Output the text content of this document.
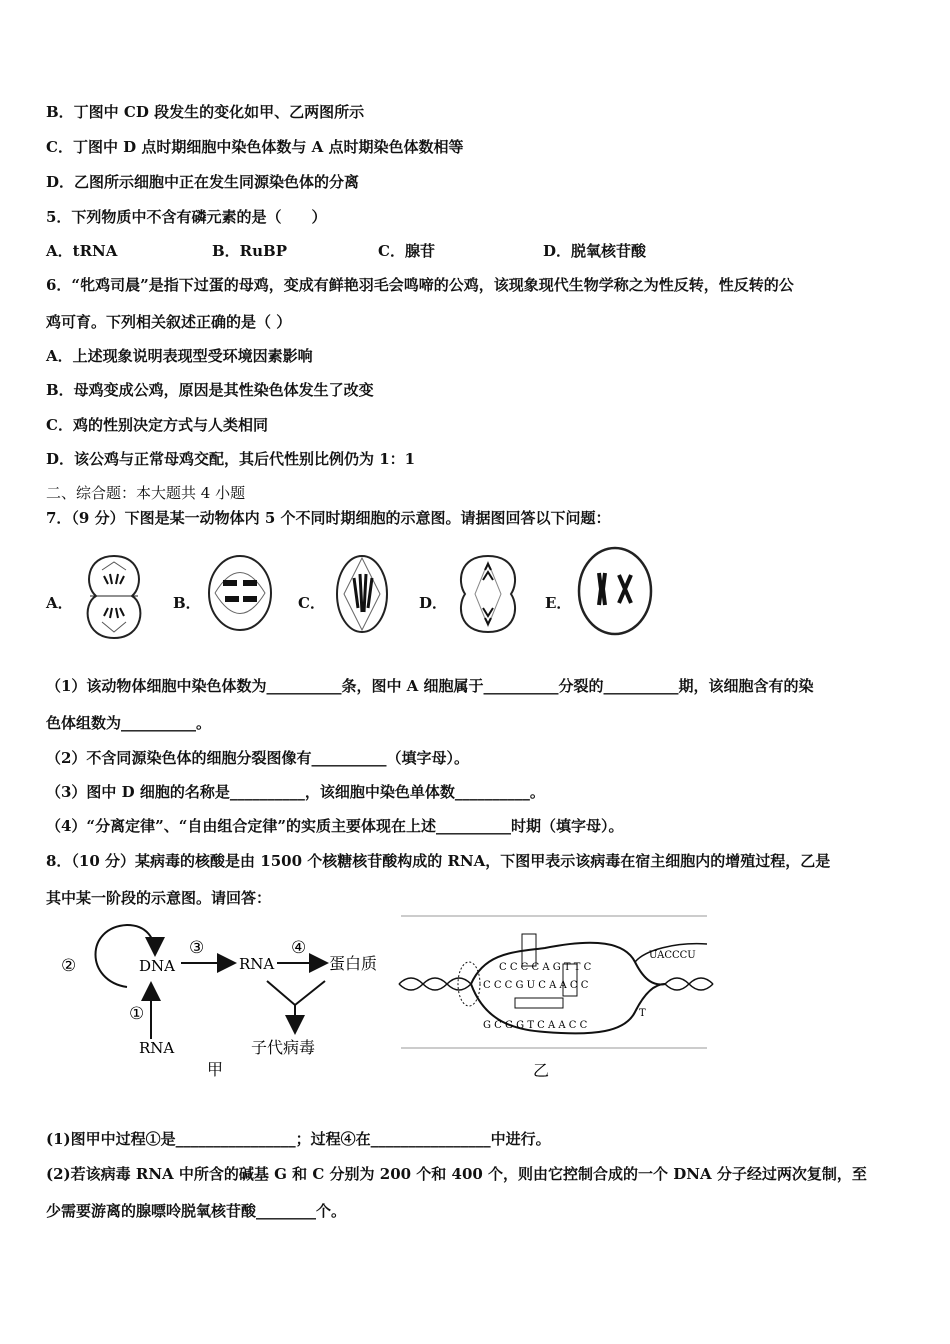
B．丁图中 CD 段发生的变化如甲、乙两图所示
C．丁图中 D 点时期细胞中染色体数与 A 点时期染色体数相等
D．乙图所示细胞中正在发生同源染色体的分离
5．下列物质中不含有磷元素的是（　　）
A．tRNA	B．RuBP	C．腺苷	D．脱氧核苷酸
6．“牝鸡司晨”是指下过蛋的母鸡，变成有鲜艳羽毛会鸣啼的公鸡，该现象现代生物学称之为性反转，性反转的公
鸡可育。下列相关叙述正确的是（ ）
A．上述现象说明表现型受环境因素影响
B．母鸡变成公鸡，原因是其性染色体发生了改变
C．鸡的性别决定方式与人类相同
D．该公鸡与正常母鸡交配，其后代性别比例仍为 1：1
二、综合题：本大题共 4 小题
7．（9 分）下图是某一动物体内 5 个不同时期细胞的示意图。请据图回答以下问题：
A．	B．	C．	D．	E．
（1）该动物体细胞中染色体数为__________条，图中 A 细胞属于__________分裂的__________期，该细胞含有的染
色体组数为__________。
（2）不含同源染色体的细胞分裂图像有__________（填字母）。
（3）图中 D 细胞的名称是__________，该细胞中染色单体数__________。
（4）“分离定律”、“自由组合定律”的实质主要体现在上述__________时期（填字母）。
8．（10 分）某病毒的核酸是由 1500 个核糖核苷酸构成的 RNA，下图甲表示该病毒在宿主细胞内的增殖过程，乙是
其中某一阶段的示意图。请回答：
②	DNA
③
RNA
④
蛋白质
子代病毒
①
RNA
甲
C C C C A G T T C
C C C G U C A A C C
G C G G T C A A C C
UACCCU
T
乙
(1)图甲中过程①是________________；过程④在________________中进行。
(2)若该病毒 RNA 中所含的碱基 G 和 C 分别为 200 个和 400 个，则由它控制合成的一个 DNA 分子经过两次复制，至
少需要游离的腺嘌呤脱氧核苷酸________个。
